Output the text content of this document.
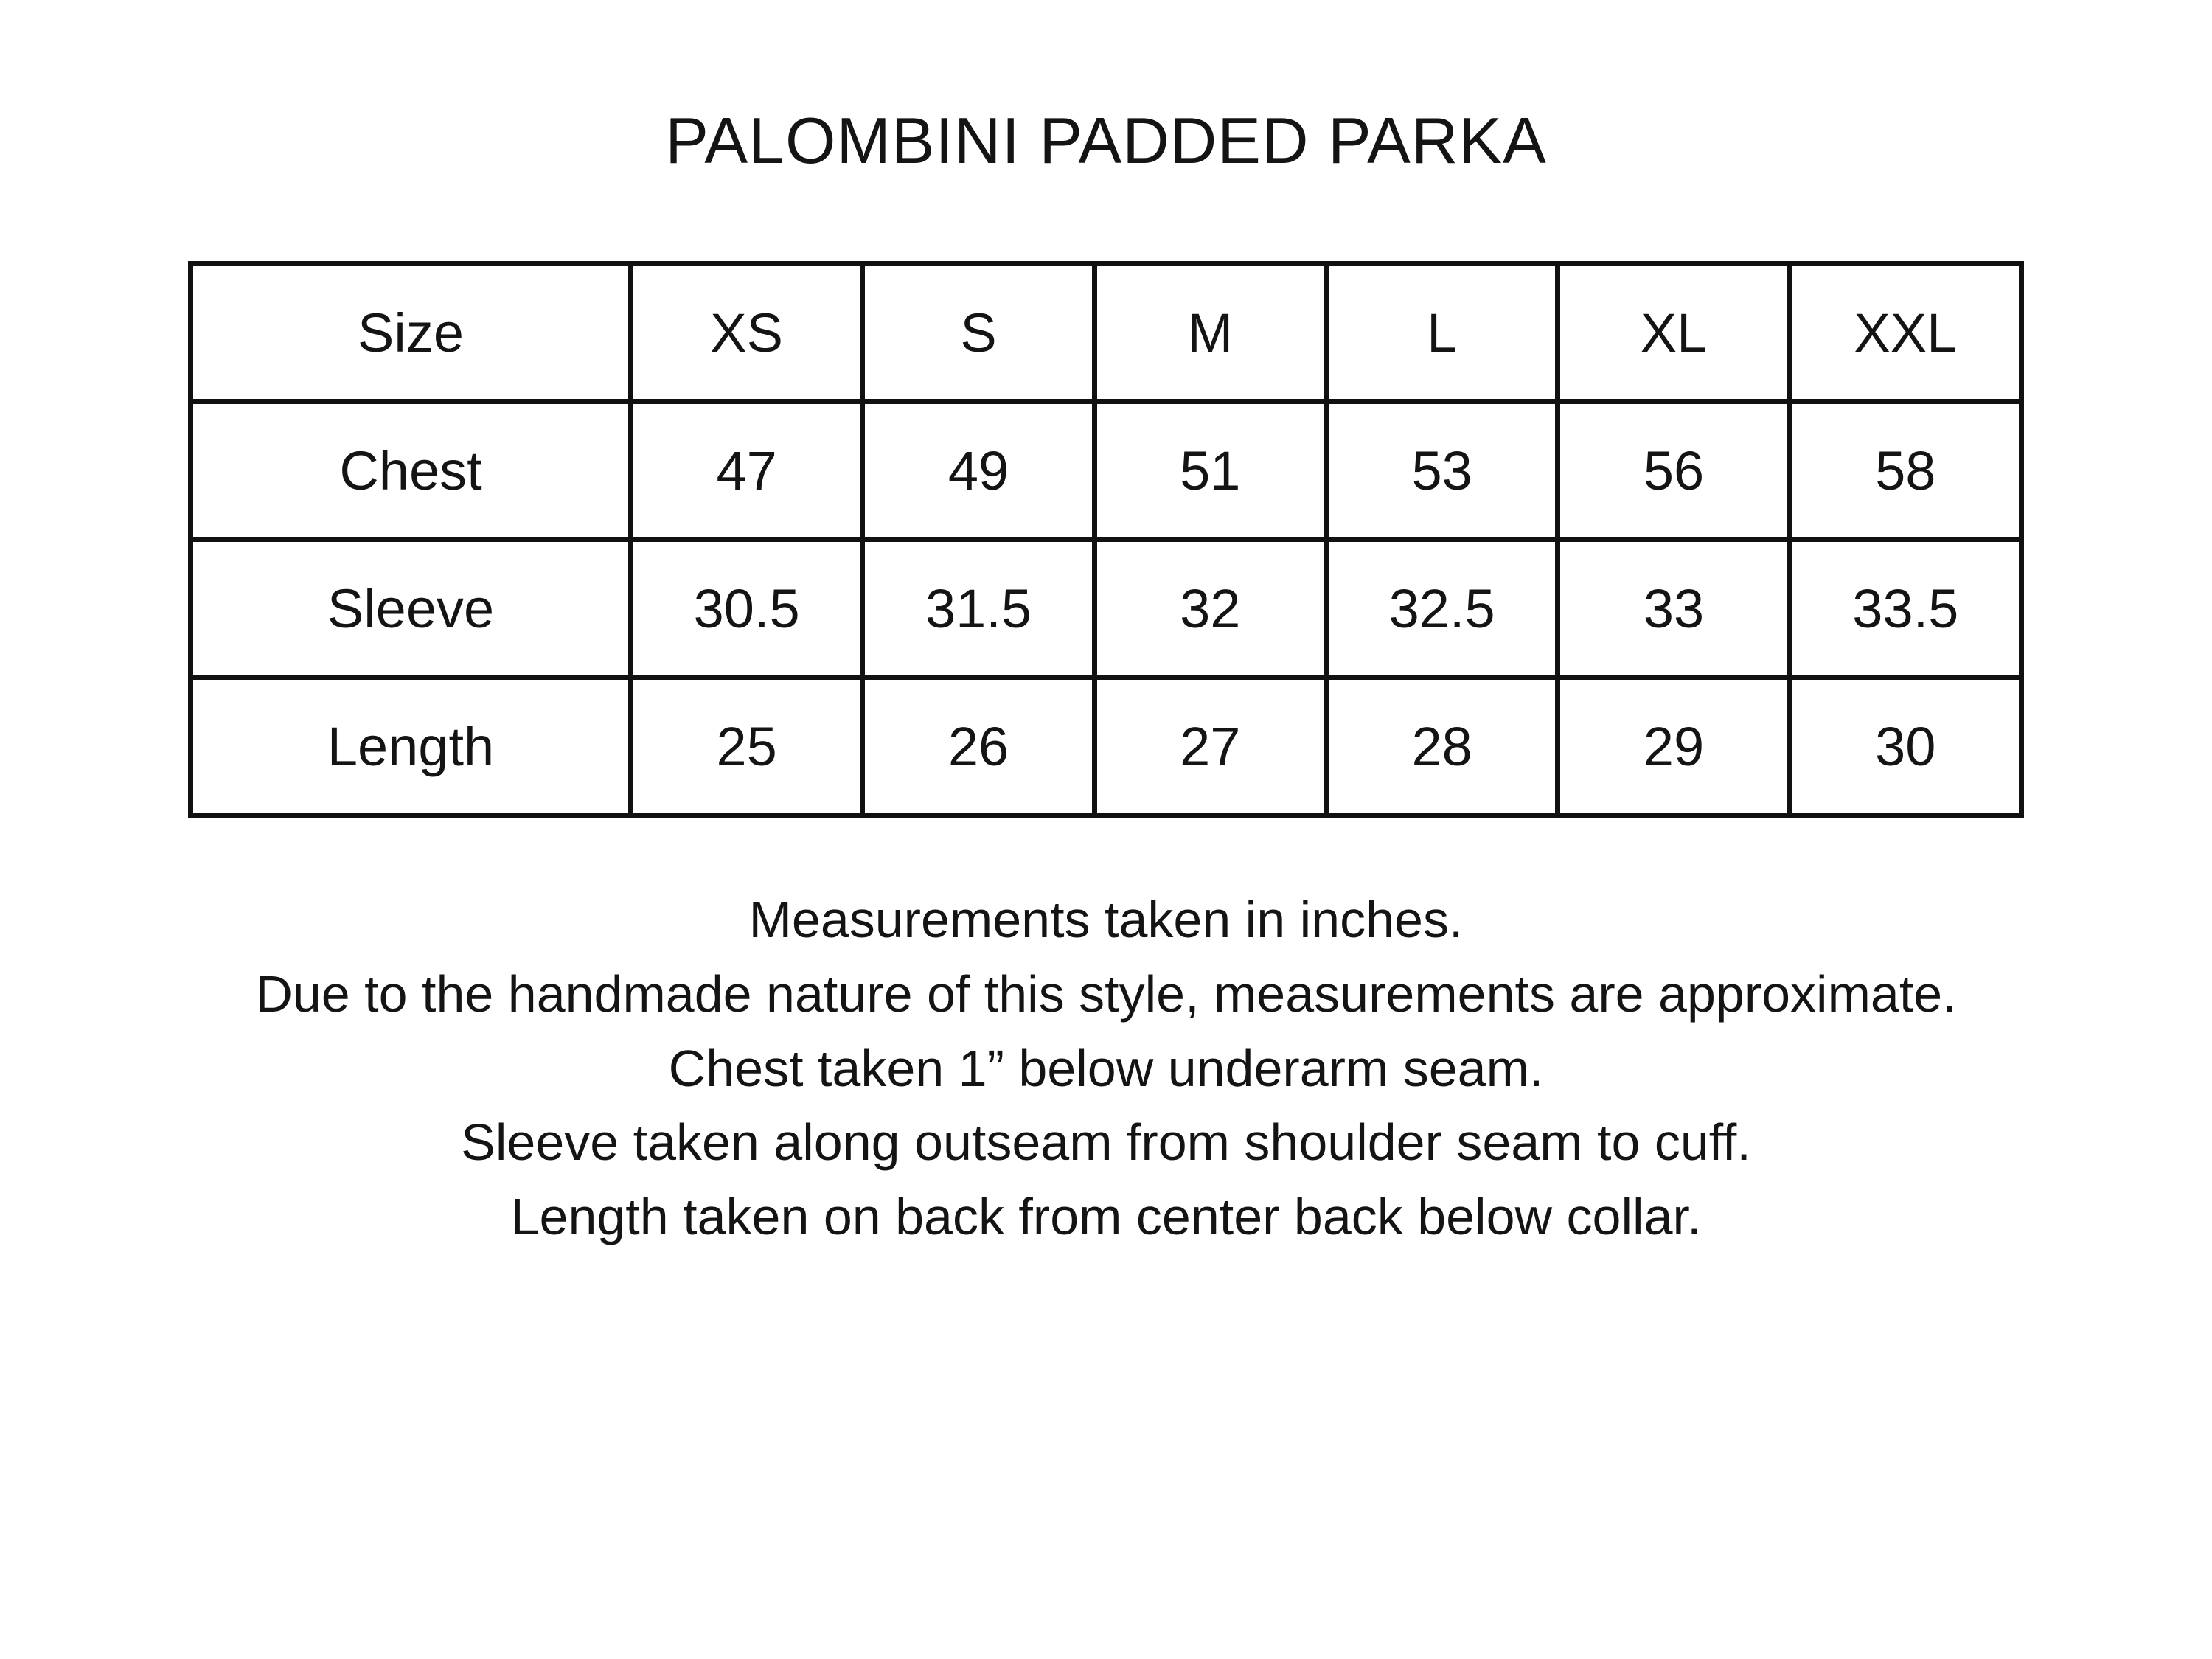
PALOMBINI PADDED PARKA
Size	XS	S	M	L	XL	XXL
Chest	47	49	51	53	56	58
Sleeve	30.5	31.5	32	32.5	33	33.5
Length	25	26	27	28	29	30
Measurements taken in inches.
Due to the handmade nature of this style, measurements are approximate.
Chest taken 1” below underarm seam.
Sleeve taken along outseam from shoulder seam to cuff.
Length taken on back from center back below collar.
